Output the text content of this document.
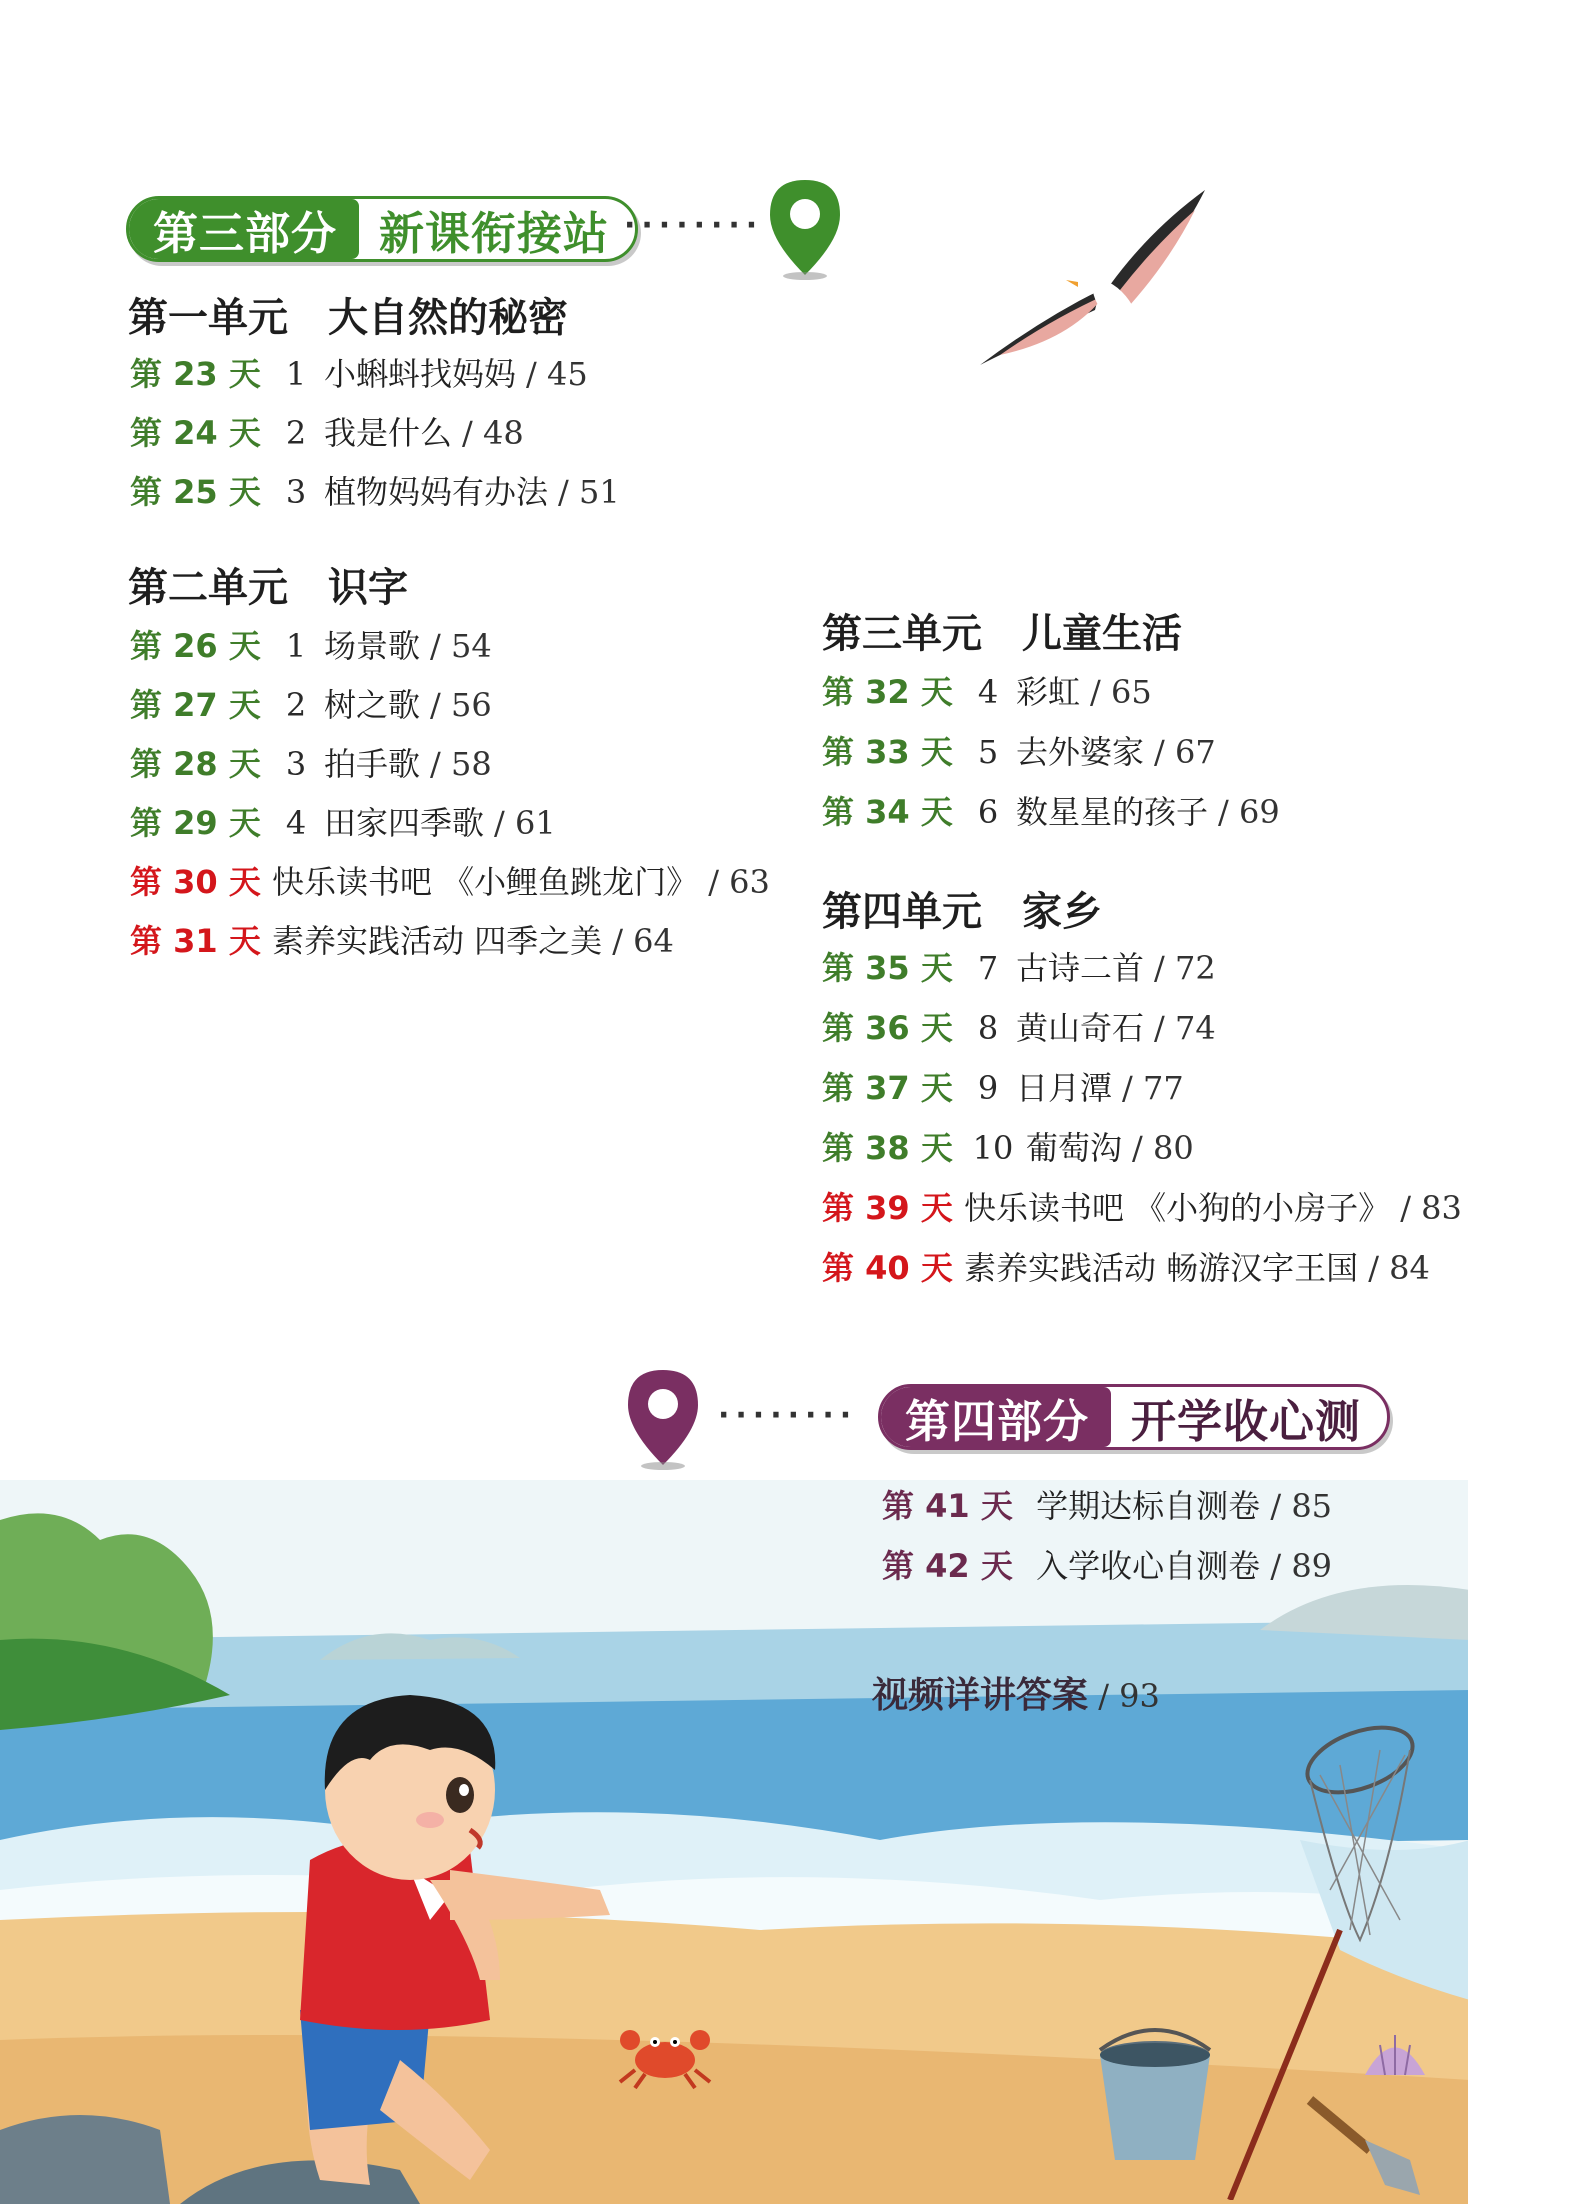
第三部分 新课衔接站 ········
第一单元 大自然的秘密
第 23 天 1 小蝌蚪找妈妈 / 45
第 24 天 2 我是什么 / 48
第 25 天 3 植物妈妈有办法 / 51
第二单元 识字
第 26 天 1 场景歌 / 54
第 27 天 2 树之歌 / 56
第 28 天 3 拍手歌 / 58
第 29 天 4 田家四季歌 / 61
第 30 天 快乐读书吧 《小鲤鱼跳龙门》 / 63
第 31 天 素养实践活动 四季之美 / 64
第三单元 儿童生活
第 32 天 4 彩虹 / 65
第 33 天 5 去外婆家 / 67
第 34 天 6 数星星的孩子 / 69
第四单元 家乡
第 35 天 7 古诗二首 / 72
第 36 天 8 黄山奇石 / 74
第 37 天 9 日月潭 / 77
第 38 天 10 葡萄沟 / 80
第 39 天 快乐读书吧 《小狗的小房子》 / 83
第 40 天 素养实践活动 畅游汉字王国 / 84
········	第四部分 开学收心测
第 41 天 学期达标自测卷 / 85
第 42 天 入学收心自测卷 / 89
视频详讲答案 / 93
